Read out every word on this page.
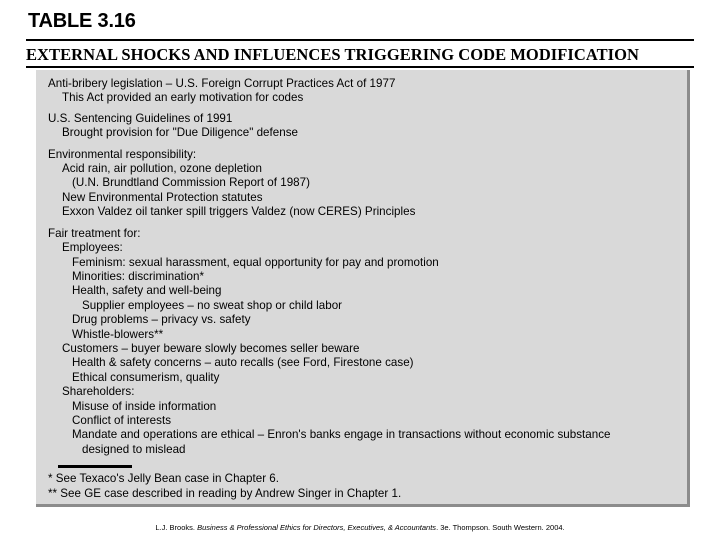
TABLE 3.16
EXTERNAL SHOCKS AND INFLUENCES TRIGGERING CODE MODIFICATION
Anti-bribery legislation – U.S. Foreign Corrupt Practices Act of 1977
This Act provided an early motivation for codes
U.S. Sentencing Guidelines of 1991
Brought provision for "Due Diligence" defense
Environmental responsibility:
Acid rain, air pollution, ozone depletion
(U.N. Brundtland Commission Report of 1987)
New Environmental Protection statutes
Exxon Valdez oil tanker spill triggers Valdez (now CERES) Principles
Fair treatment for:
Employees:
Feminism: sexual harassment, equal opportunity for pay and promotion
Minorities: discrimination*
Health, safety and well-being
Supplier employees – no sweat shop or child labor
Drug problems – privacy vs. safety
Whistle-blowers**
Customers – buyer beware slowly becomes seller beware
Health & safety concerns – auto recalls (see Ford, Firestone case)
Ethical consumerism, quality
Shareholders:
Misuse of inside information
Conflict of interests
Mandate and operations are ethical – Enron's banks engage in transactions without economic substance
designed to mislead
* See Texaco's Jelly Bean case in Chapter 6.
** See GE case described in reading by Andrew Singer in Chapter 1.
L.J. Brooks. Business & Professional Ethics for Directors, Executives, & Accountants. 3e. Thompson. South Western. 2004.
